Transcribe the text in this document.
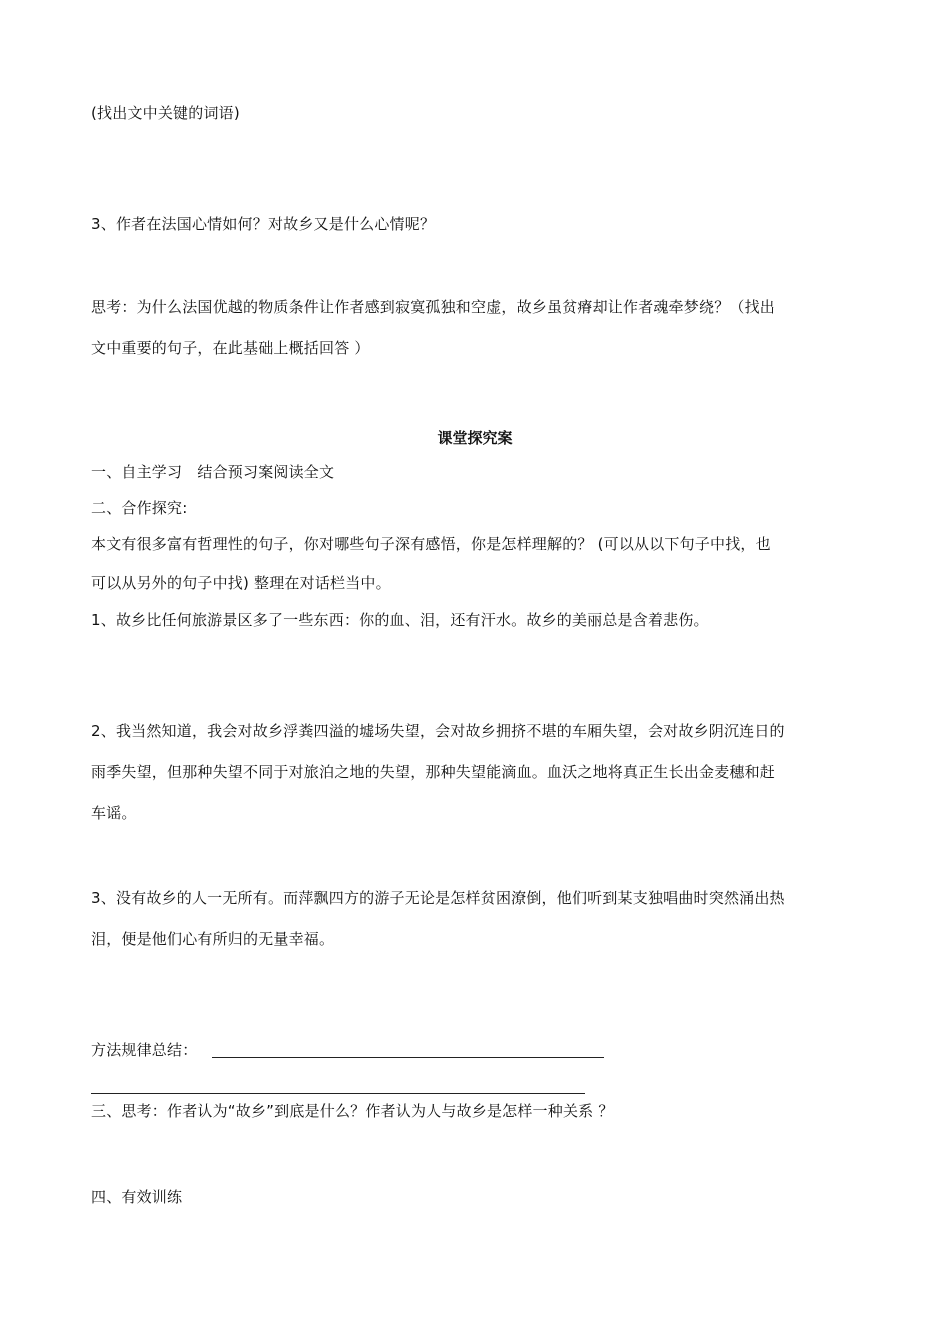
(找出文中关键的词语)
3、作者在法国心情如何？对故乡又是什么心情呢？
思考：为什么法国优越的物质条件让作者感到寂寞孤独和空虚，故乡虽贫瘠却让作者魂牵梦绕？（找出
文中重要的句子，在此基础上概括回答 ）
课堂探究案
一、自主学习　结合预习案阅读全文
二、合作探究:
本文有很多富有哲理性的句子，你对哪些句子深有感悟，你是怎样理解的？ (可以从以下句子中找，也
可以从另外的句子中找) 整理在对话栏当中。
1、故乡比任何旅游景区多了一些东西：你的血、泪，还有汗水。故乡的美丽总是含着悲伤。
2、我当然知道，我会对故乡浮粪四溢的墟场失望，会对故乡拥挤不堪的车厢失望，会对故乡阴沉连日的
雨季失望，但那种失望不同于对旅泊之地的失望，那种失望能滴血。血沃之地将真正生长出金麦穗和赶
车谣。
3、没有故乡的人一无所有。而萍飘四方的游子无论是怎样贫困潦倒，他们听到某支独唱曲时突然涌出热
泪，便是他们心有所归的无量幸福。
方法规律总结：
三、思考：作者认为“故乡”到底是什么？作者认为人与故乡是怎样一种关系 ？
四、有效训练
